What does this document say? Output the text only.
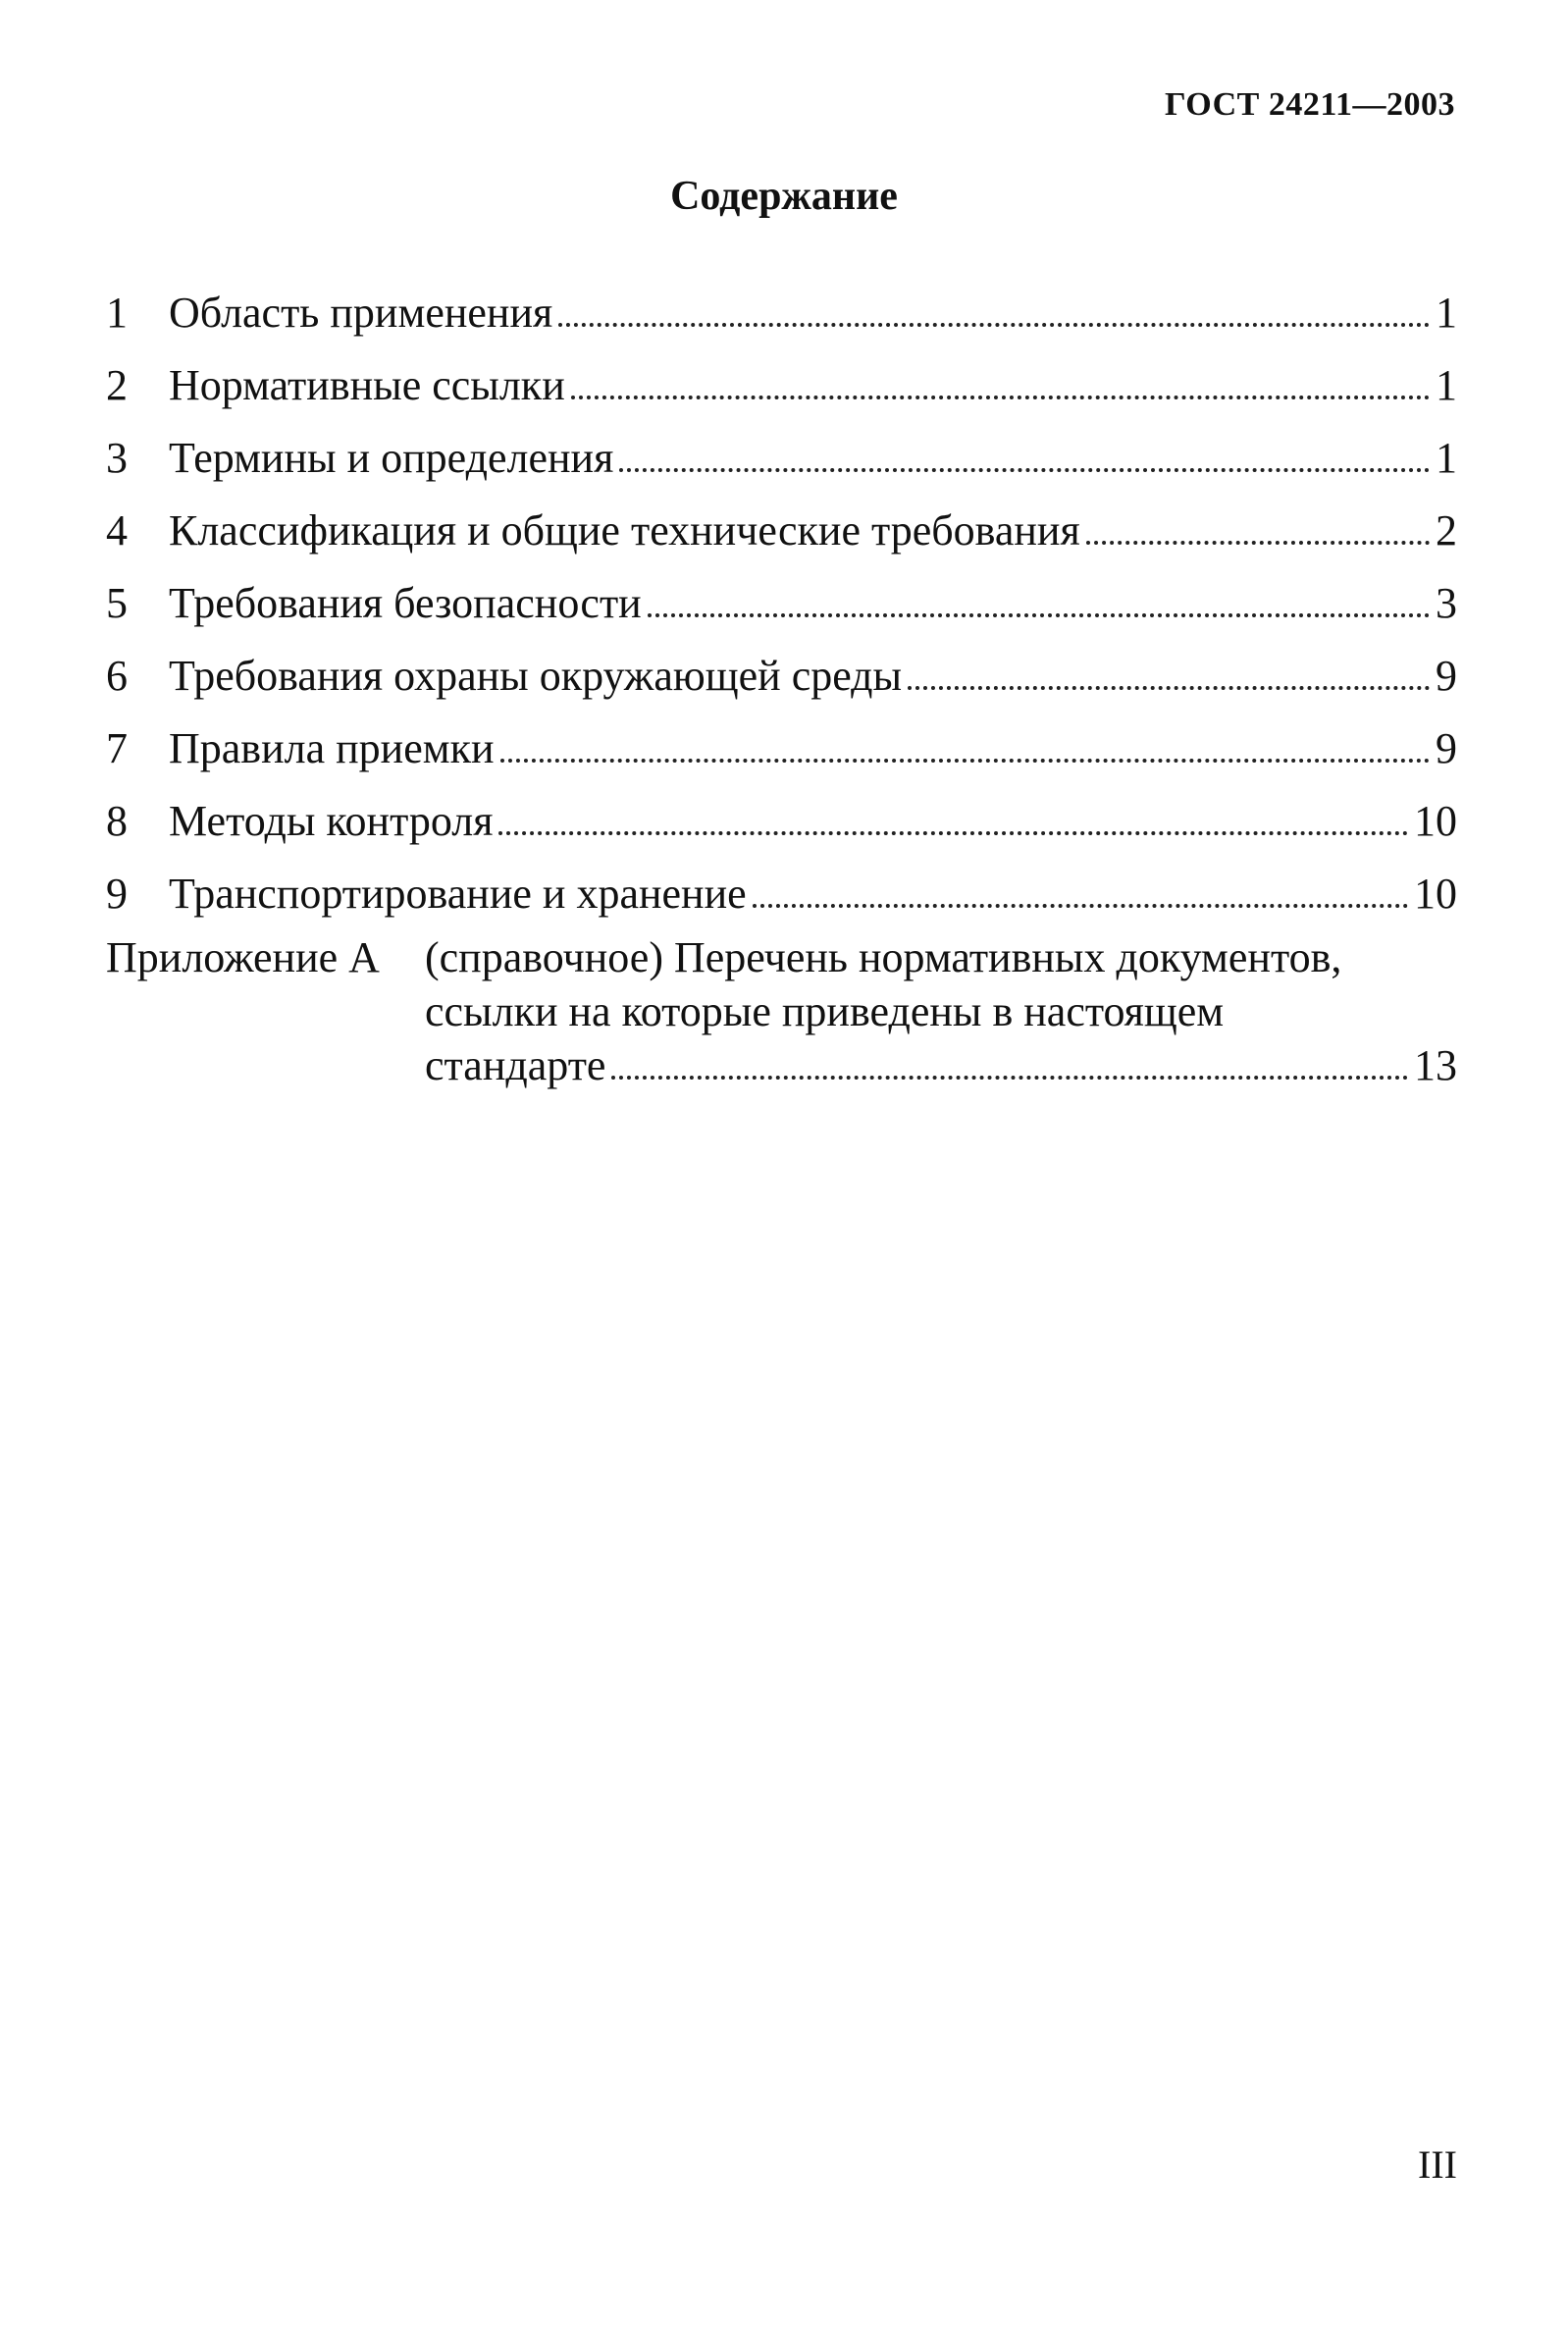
ГОСТ 24211—2003
Содержание
1 Область применения	1
2 Нормативные ссылки	1
3 Термины и определения	1
4 Классификация и общие технические требования	2
5 Требования безопасности	3
6 Требования охраны окружающей среды	9
7 Правила приемки	9
8 Методы контроля	10
9 Транспортирование и хранение	10
Приложение А	(справочное) Перечень нормативных документов,
ссылки на которые приведены в настоящем
стандарте	13
III
